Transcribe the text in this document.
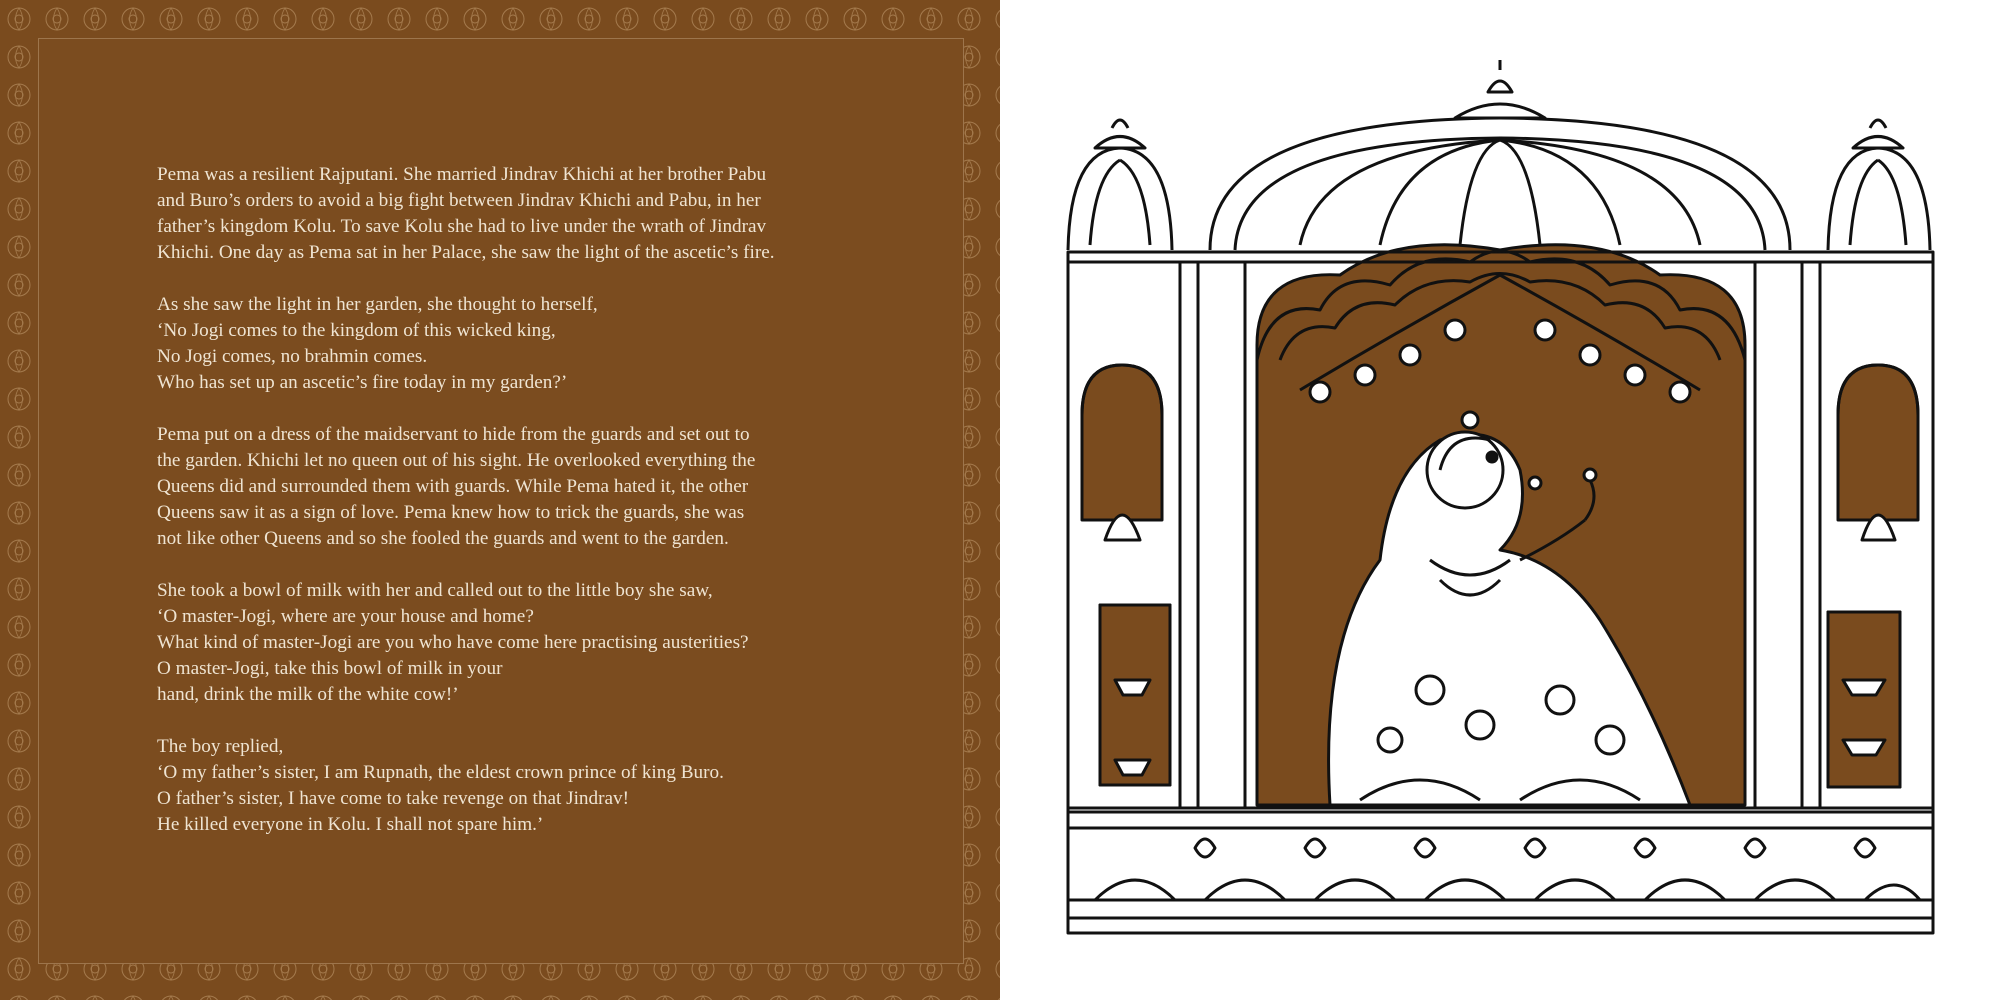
Pema was a resilient Rajputani. She married Jindrav Khichi at her brother Pabu
and Buro’s orders to avoid a big fight between Jindrav Khichi and Pabu, in her
father’s kingdom Kolu. To save Kolu she had to live under the wrath of Jindrav
Khichi. One day as Pema sat in her Palace, she saw the light of the ascetic’s fire.
As she saw the light in her garden, she thought to herself,
‘No Jogi comes to the kingdom of this wicked king,
No Jogi comes, no brahmin comes.
Who has set up an ascetic’s fire today in my garden?’
Pema put on a dress of the maidservant to hide from the guards and set out to
the garden. Khichi let no queen out of his sight. He overlooked everything the
Queens did and surrounded them with guards. While Pema hated it, the other
Queens saw it as a sign of love. Pema knew how to trick the guards, she was
not like other Queens and so she fooled the guards and went to the garden.
She took a bowl of milk with her and called out to the little boy she saw,
‘O master-Jogi, where are your house and home?
What kind of master-Jogi are you who have come here practising austerities?
O master-Jogi, take this bowl of milk in your
hand, drink the milk of the white cow!’
The boy replied,
‘O my father’s sister, I am Rupnath, the eldest crown prince of king Buro.
O father’s sister, I have come to take revenge on that Jindrav!
He killed everyone in Kolu. I shall not spare him.’
